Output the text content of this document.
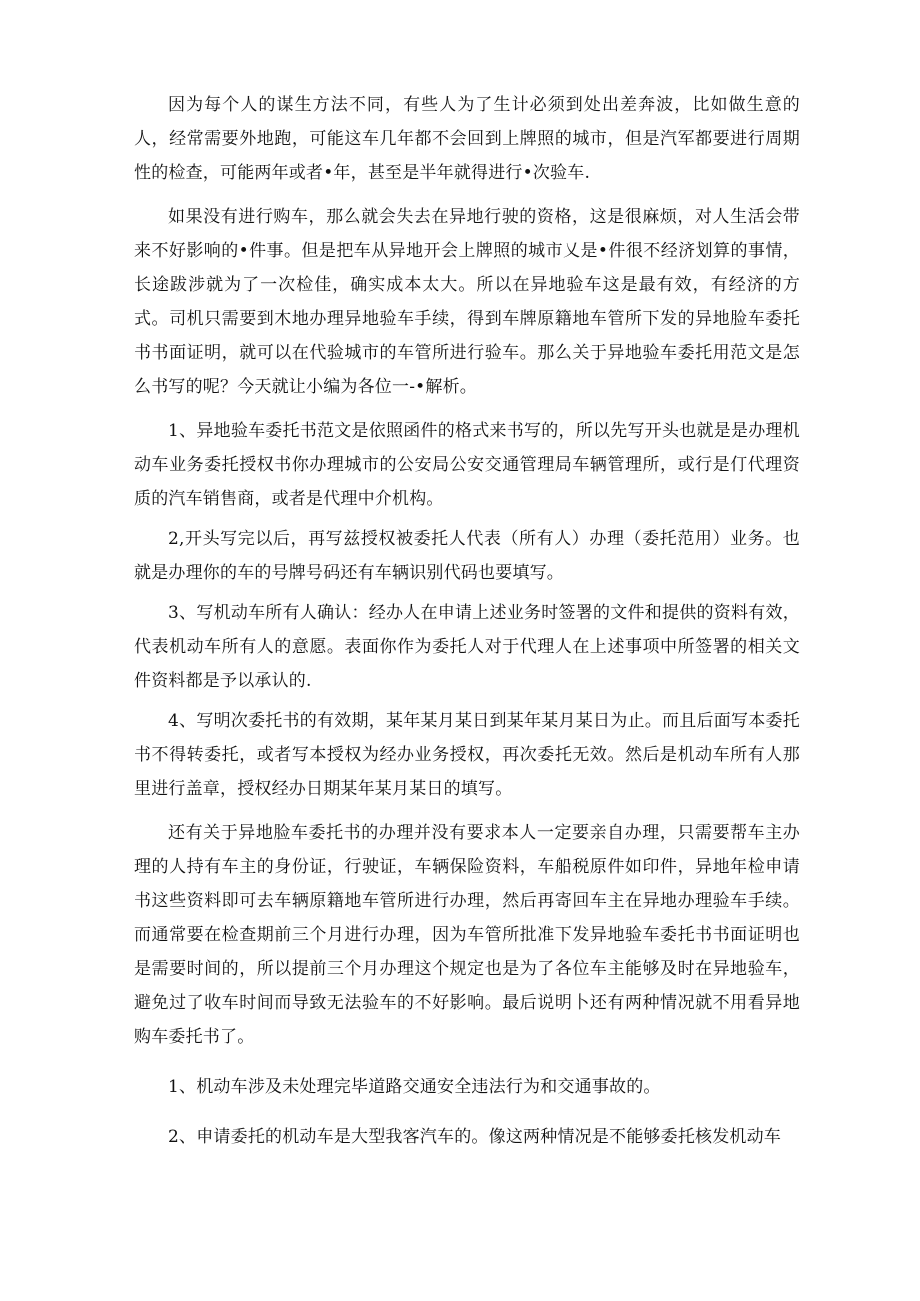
因为每个人的谋生方法不同，有些人为了生计必须到处出差奔波，比如做生意的人，经常需要外地跑，可能这车几年都不会回到上牌照的城市，但是汽军都要进行周期性的检查，可能两年或者•年，甚至是半年就得进行•次验车.

如果没有进行购车，那么就会失去在异地行驶的资格，这是很麻烦，对人生活会带来不好影响的•件事。但是把车从异地开会上牌照的城市乂是•件很不经济划算的事情，长途跋涉就为了一次检佳，确实成本太大。所以在异地验车这是最有效，有经济的方式。司机只需要到木地办理异地验车手续，得到车牌原籍地车管所下发的异地脸车委托书书面证明，就可以在代验城市的车管所进行验车。那么关于异地验车委托用范文是怎么书写的呢？今天就让小编为各位一-•解析。

1、异地验车委托书范文是依照函件的格式来书写的，所以先写开头也就是是办理机动车业务委托授权书你办理城市的公安局公安交通管理局车辆管理所，或行是仃代理资质的汽车销售商，或者是代理中介机构。

2,开头写完以后，再写兹授权被委托人代表（所有人）办理（委托范用）业务。也就是办理你的车的号牌号码还有车辆识别代码也要填写。

3、写机动车所有人确认：经办人在申请上述业务时签署的文件和提供的资料有效，代表机动车所有人的意愿。表面你作为委托人对于代理人在上述事项中所签署的相关文件资料都是予以承认的.

4、写明次委托书的有效期，某年某月某日到某年某月某日为止。而且后面写本委托书不得转委托，或者写本授权为经办业务授权，再次委托无效。然后是机动车所有人那里进行盖章，授权经办日期某年某月某日的填写。

还有关于异地脸车委托书的办理并没有要求本人一定要亲自办理，只需要帮车主办理的人持有车主的身份证，行驶证，车辆保险资料，车船税原件如印件，异地年检申请书这些资料即可去车辆原籍地车管所进行办理，然后再寄回车主在异地办理验车手续。而通常要在检查期前三个月进行办理，因为车管所批准下发异地验车委托书书面证明也是需要时间的，所以提前三个月办理这个规定也是为了各位车主能够及时在异地验车，避免过了收车时间而导致无法验车的不好影响。最后说明卜还有两种情况就不用看异地购车委托书了。

1、机动车涉及未处理完毕道路交通安全违法行为和交通事故的。

2、申请委托的机动车是大型我客汽车的。像这两种情况是不能够委托核发机动车
